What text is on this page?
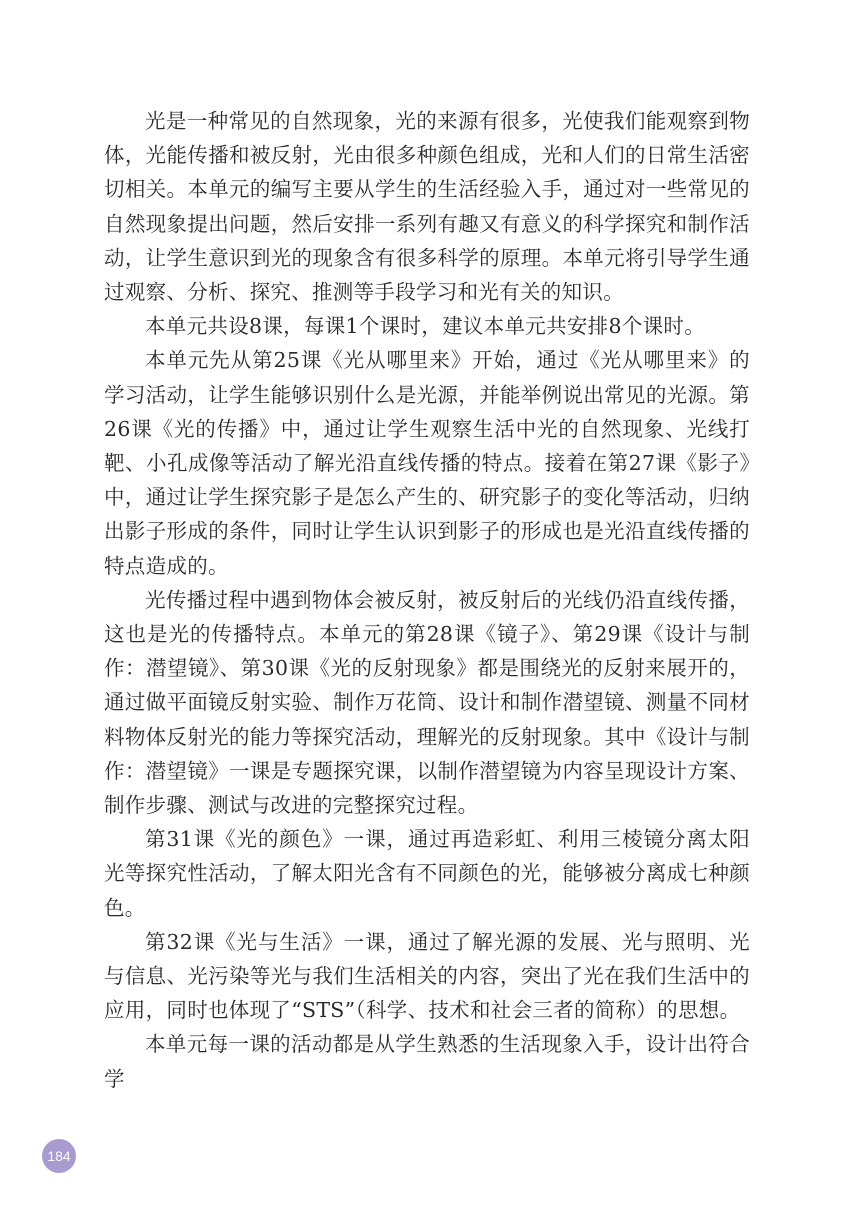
光是一种常见的自然现象，光的来源有很多，光使我们能观察到物体，光能传播和被反射，光由很多种颜色组成，光和人们的日常生活密切相关。本单元的编写主要从学生的生活经验入手，通过对一些常见的自然现象提出问题，然后安排一系列有趣又有意义的科学探究和制作活动，让学生意识到光的现象含有很多科学的原理。本单元将引导学生通过观察、分析、探究、推测等手段学习和光有关的知识。

本单元共设8课，每课1个课时，建议本单元共安排8个课时。

本单元先从第25课《光从哪里来》开始，通过《光从哪里来》的学习活动，让学生能够识别什么是光源，并能举例说出常见的光源。第26课《光的传播》中，通过让学生观察生活中光的自然现象、光线打靶、小孔成像等活动了解光沿直线传播的特点。接着在第27课《影子》中，通过让学生探究影子是怎么产生的、研究影子的变化等活动，归纳出影子形成的条件，同时让学生认识到影子的形成也是光沿直线传播的特点造成的。

光传播过程中遇到物体会被反射，被反射后的光线仍沿直线传播，这也是光的传播特点。本单元的第28课《镜子》、第29课《设计与制作：潜望镜》、第30课《光的反射现象》都是围绕光的反射来展开的，通过做平面镜反射实验、制作万花筒、设计和制作潜望镜、测量不同材料物体反射光的能力等探究活动，理解光的反射现象。其中《设计与制作：潜望镜》一课是专题探究课，以制作潜望镜为内容呈现设计方案、制作步骤、测试与改进的完整探究过程。

第31课《光的颜色》一课，通过再造彩虹、利用三棱镜分离太阳光等探究性活动，了解太阳光含有不同颜色的光，能够被分离成七种颜色。

第32课《光与生活》一课，通过了解光源的发展、光与照明、光与信息、光污染等光与我们生活相关的内容，突出了光在我们生活中的应用，同时也体现了“STS”（科学、技术和社会三者的简称）的思想。

本单元每一课的活动都是从学生熟悉的生活现象入手，设计出符合学

184
